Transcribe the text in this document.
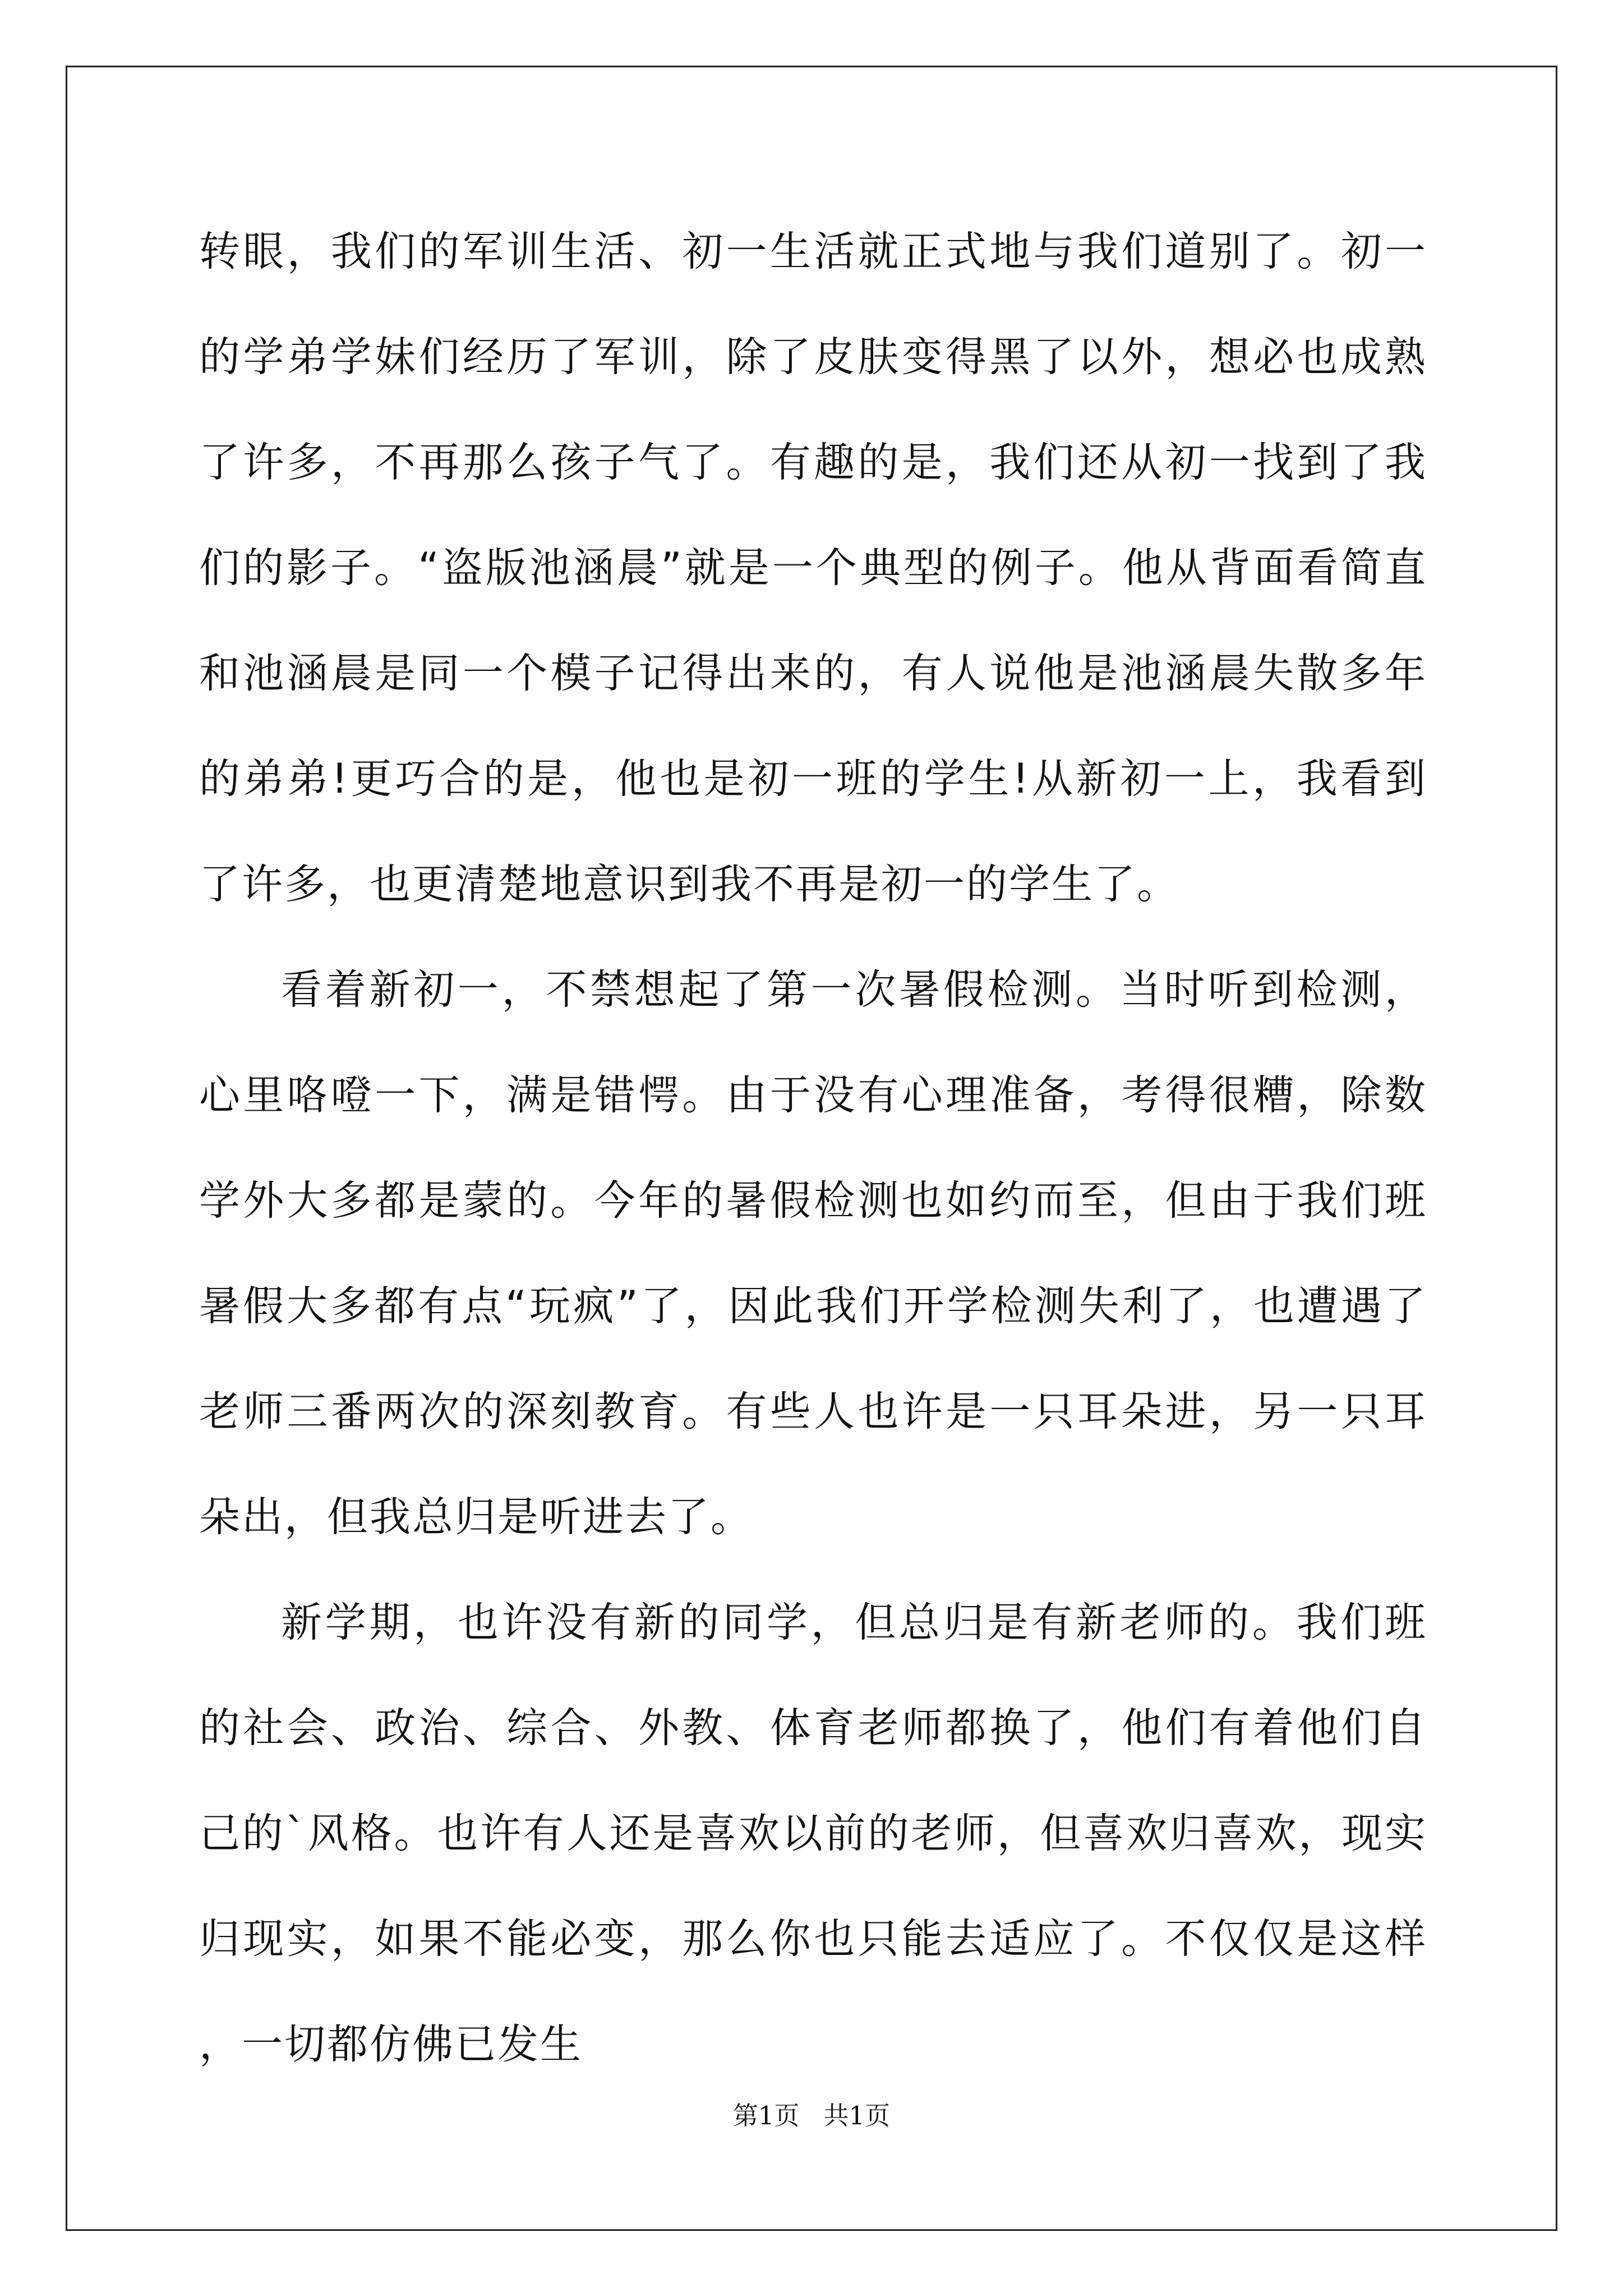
转眼，我们的军训生活、初一生活就正式地与我们道别了。初一的学弟学妹们经历了军训，除了皮肤变得黑了以外，想必也成熟了许多，不再那么孩子气了。有趣的是，我们还从初一找到了我们的影子。“盗版池涵晨”就是一个典型的例子。他从背面看简直和池涵晨是同一个模子记得出来的，有人说他是池涵晨失散多年的弟弟!更巧合的是，他也是初一班的学生!从新初一上，我看到了许多，也更清楚地意识到我不再是初一的学生了。

看着新初一，不禁想起了第一次暑假检测。当时听到检测，心里咯噔一下，满是错愕。由于没有心理准备，考得很糟，除数学外大多都是蒙的。今年的暑假检测也如约而至，但由于我们班暑假大多都有点“玩疯”了，因此我们开学检测失利了，也遭遇了老师三番两次的深刻教育。有些人也许是一只耳朵进，另一只耳朵出，但我总归是听进去了。

新学期，也许没有新的同学，但总归是有新老师的。我们班的社会、政治、综合、外教、体育老师都换了，他们有着他们自己的`风格。也许有人还是喜欢以前的老师，但喜欢归喜欢，现实归现实，如果不能必变，那么你也只能去适应了。不仅仅是这样，一切都仿佛已发生

第1页   共1页
